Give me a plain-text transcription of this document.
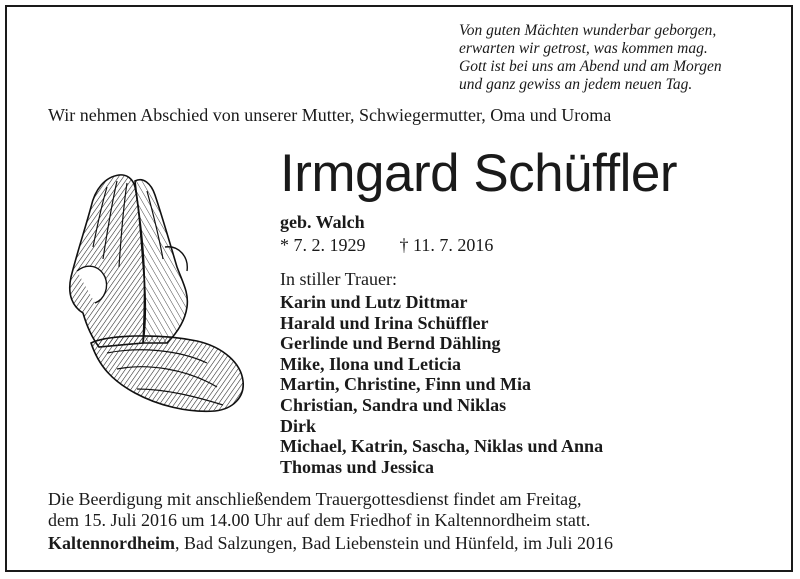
Von guten Mächten wunderbar geborgen,
erwarten wir getrost, was kommen mag.
Gott ist bei uns am Abend und am Morgen
und ganz gewiss an jedem neuen Tag.
Wir nehmen Abschied von unserer Mutter, Schwiegermutter, Oma und Uroma
Irmgard Schüffler
geb. Walch
* 7. 2. 1929 † 11. 7. 2016
In stiller Trauer:
Karin und Lutz Dittmar
Harald und Irina Schüffler
Gerlinde und Bernd Dähling
Mike, Ilona und Leticia
Martin, Christine, Finn und Mia
Christian, Sandra und Niklas
Dirk
Michael, Katrin, Sascha, Niklas und Anna
Thomas und Jessica
Die Beerdigung mit anschließendem Trauergottesdienst findet am Freitag,
dem 15. Juli 2016 um 14.00 Uhr auf dem Friedhof in Kaltennordheim statt.
Kaltennordheim, Bad Salzungen, Bad Liebenstein und Hünfeld, im Juli 2016
